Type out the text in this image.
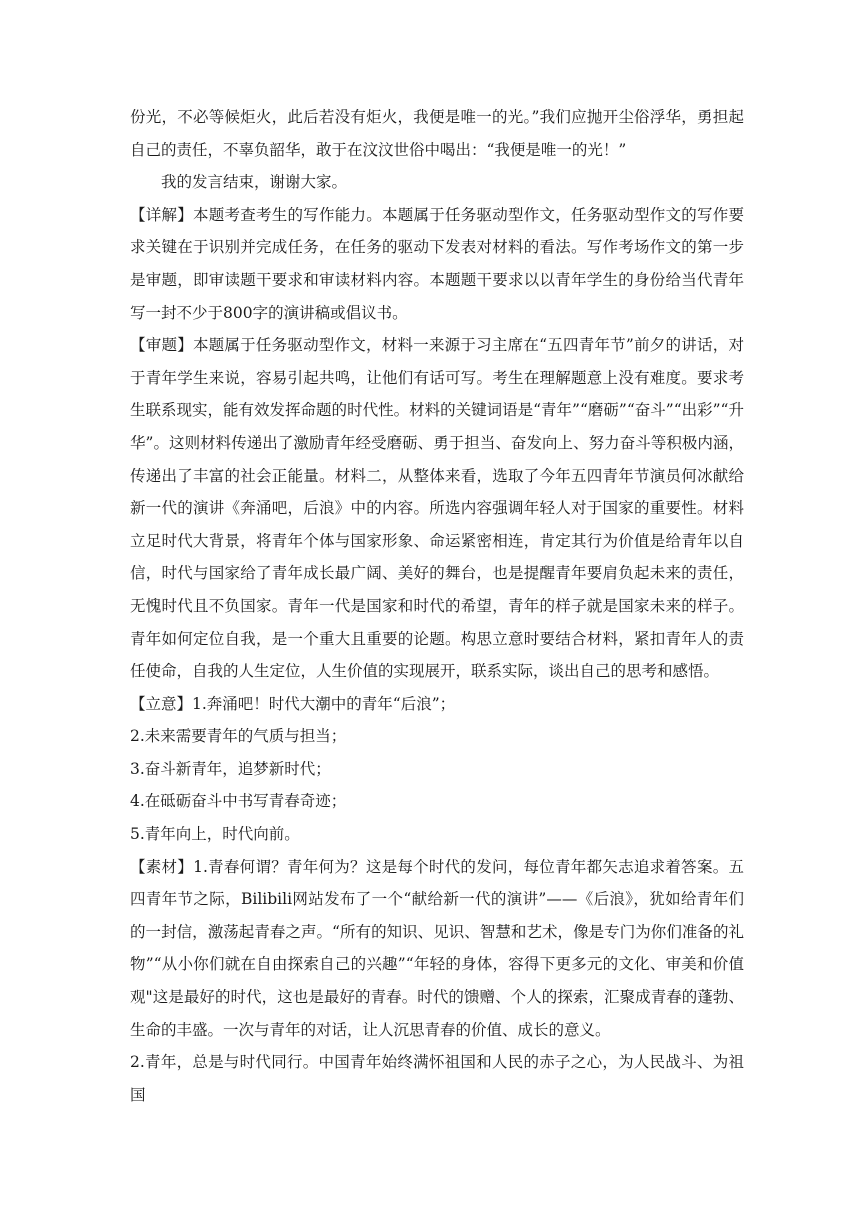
份光，不必等候炬火，此后若没有炬火，我便是唯一的光。”我们应抛开尘俗浮华，勇担起自己的责任，不辜负韶华，敢于在汶汶世俗中喝出：“我便是唯一的光！”

我的发言结束，谢谢大家。

【详解】本题考查考生的写作能力。本题属于任务驱动型作文，任务驱动型作文的写作要求关键在于识别并完成任务，在任务的驱动下发表对材料的看法。写作考场作文的第一步是审题，即审读题干要求和审读材料内容。本题题干要求以以青年学生的身份给当代青年写一封不少于800字的演讲稿或倡议书。

【审题】本题属于任务驱动型作文，材料一来源于习主席在“五四青年节”前夕的讲话，对于青年学生来说，容易引起共鸣，让他们有话可写。考生在理解题意上没有难度。要求考生联系现实，能有效发挥命题的时代性。材料的关键词语是“青年”“磨砺”“奋斗”“出彩”“升华”。这则材料传递出了激励青年经受磨砺、勇于担当、奋发向上、努力奋斗等积极内涵，传递出了丰富的社会正能量。材料二，从整体来看，选取了今年五四青年节演员何冰献给新一代的演讲《奔涌吧，后浪》中的内容。所选内容强调年轻人对于国家的重要性。材料立足时代大背景，将青年个体与国家形象、命运紧密相连，肯定其行为价值是给青年以自信，时代与国家给了青年成长最广阔、美好的舞台，也是提醒青年要肩负起未来的责任，无愧时代且不负国家。青年一代是国家和时代的希望，青年的样子就是国家未来的样子。青年如何定位自我，是一个重大且重要的论题。构思立意时要结合材料，紧扣青年人的责任使命，自我的人生定位，人生价值的实现展开，联系实际，谈出自己的思考和感悟。

【立意】1.奔涌吧！时代大潮中的青年“后浪”；

2.未来需要青年的气质与担当；

3.奋斗新青年，追梦新时代；

4.在砥砺奋斗中书写青春奇迹；

5.青年向上，时代向前。

【素材】1.青春何谓？青年何为？这是每个时代的发问，每位青年都矢志追求着答案。五四青年节之际，Bilibili网站发布了一个“献给新一代的演讲”——《后浪》，犹如给青年们的一封信，激荡起青春之声。“所有的知识、见识、智慧和艺术，像是专门为你们准备的礼物”“从小你们就在自由探索自己的兴趣”“年轻的身体，容得下更多元的文化、审美和价值观"这是最好的时代，这也是最好的青春。时代的馈赠、个人的探索，汇聚成青春的蓬勃、生命的丰盛。一次与青年的对话，让人沉思青春的价值、成长的意义。

2.青年，总是与时代同行。中国青年始终满怀祖国和人民的赤子之心，为人民战斗、为祖国
